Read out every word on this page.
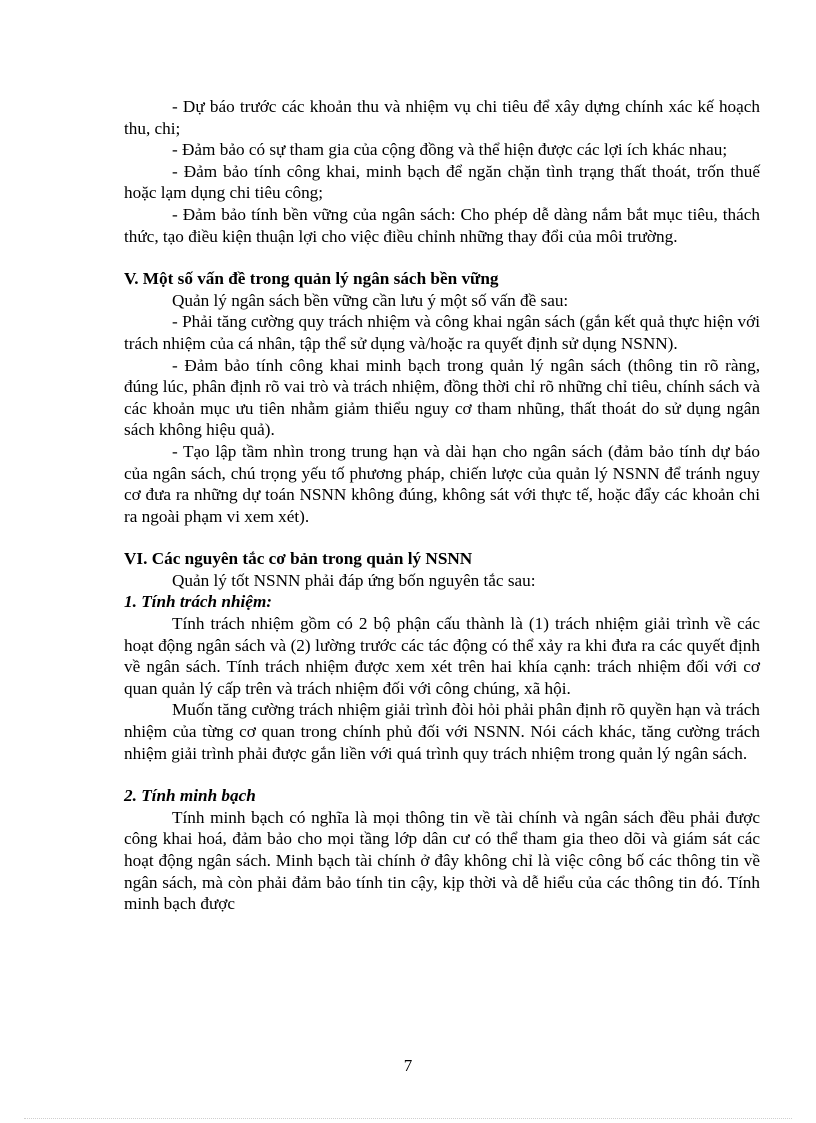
- Dự báo trước các khoản thu và nhiệm vụ chi tiêu để xây dựng chính xác kế hoạch thu, chi;

- Đảm bảo có sự tham gia của cộng đồng và thể hiện được các lợi ích khác nhau;

- Đảm bảo tính công khai, minh bạch để ngăn chặn tình trạng thất thoát, trốn thuế hoặc lạm dụng chi tiêu công;

- Đảm bảo tính bền vững của ngân sách: Cho phép dễ dàng nắm bắt mục tiêu, thách thức, tạo điều kiện thuận lợi cho việc điều chỉnh những thay đổi của môi trường.

V. Một số vấn đề trong quản lý ngân sách bền vững

Quản lý ngân sách bền vững cần lưu ý một số vấn đề sau:

- Phải tăng cường quy trách nhiệm và công khai ngân sách (gắn kết quả thực hiện với trách nhiệm của cá nhân, tập thể sử dụng và/hoặc ra quyết định sử dụng NSNN).

- Đảm bảo tính công khai minh bạch trong quản lý ngân sách (thông tin rõ ràng, đúng lúc, phân định rõ vai trò và trách nhiệm, đồng thời chỉ rõ những chỉ tiêu, chính sách và các khoản mục ưu tiên nhằm giảm thiểu nguy cơ tham nhũng, thất thoát do sử dụng ngân sách không hiệu quả).

- Tạo lập tầm nhìn trong trung hạn và dài hạn cho ngân sách (đảm bảo tính dự báo của ngân sách, chú trọng yếu tố phương pháp, chiến lược của quản lý NSNN để tránh nguy cơ đưa ra những dự toán NSNN không đúng, không sát với thực tế, hoặc đẩy các khoản chi ra ngoài phạm vi xem xét).

VI. Các nguyên tắc cơ bản trong quản lý NSNN

Quản lý tốt NSNN phải đáp ứng bốn nguyên tắc sau:

1. Tính trách nhiệm:

Tính trách nhiệm gồm có 2 bộ phận cấu thành là (1) trách nhiệm giải trình về các hoạt động ngân sách và (2) lường trước các tác động có thể xảy ra khi đưa ra các quyết định về ngân sách. Tính trách nhiệm được xem xét trên hai khía cạnh: trách nhiệm đối với cơ quan quản lý cấp trên và trách nhiệm đối với công chúng, xã hội.

Muốn tăng cường trách nhiệm giải trình đòi hỏi phải phân định rõ quyền hạn và trách nhiệm của từng cơ quan trong chính phủ đối với NSNN. Nói cách khác, tăng cường trách nhiệm giải trình phải được gắn liền với quá trình quy trách nhiệm trong quản lý ngân sách.

2. Tính minh bạch

Tính minh bạch có nghĩa là mọi thông tin về tài chính và ngân sách đều phải được công khai hoá, đảm bảo cho mọi tầng lớp dân cư có thể tham gia theo dõi và giám sát các hoạt động ngân sách. Minh bạch tài chính ở đây không chỉ là việc công bố các thông tin về ngân sách, mà còn phải đảm bảo tính tin cậy, kịp thời và dễ hiểu của các thông tin đó. Tính minh bạch được

7
